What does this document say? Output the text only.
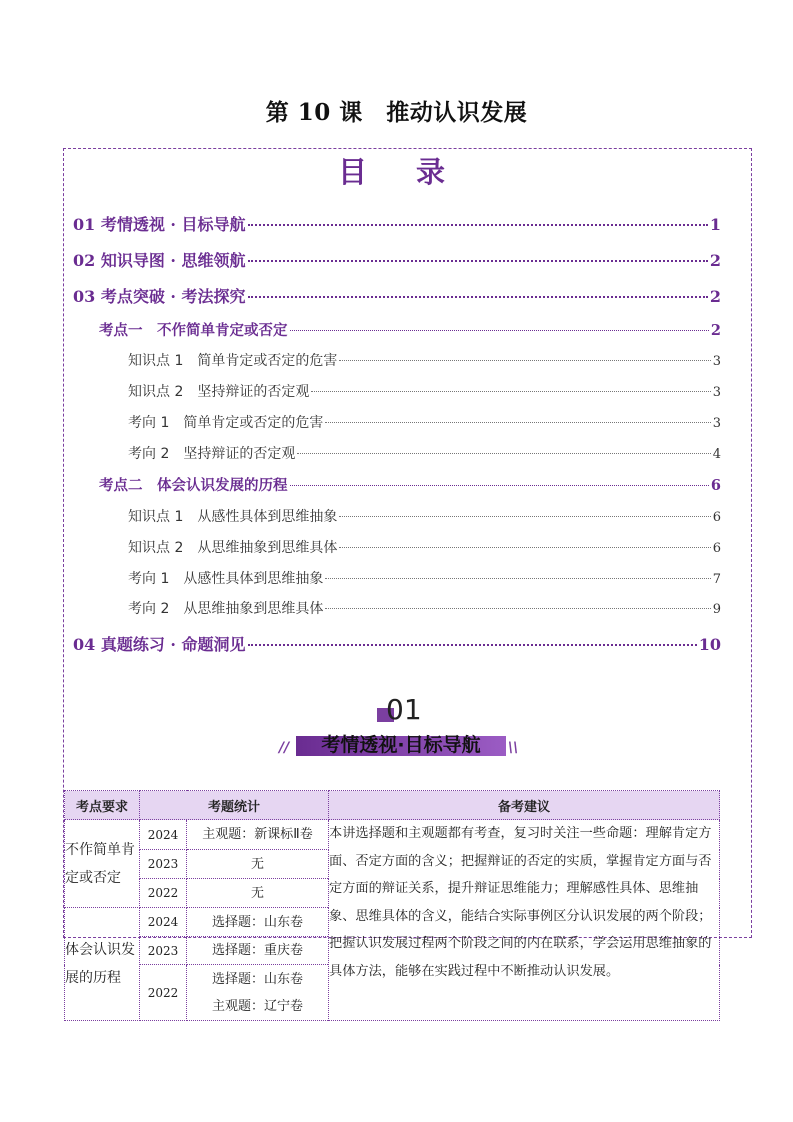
第 10 课　推动认识发展
目　录
01 考情透视 · 目标导航	1
02 知识导图 · 思维领航	2
03 考点突破 · 考法探究	2
考点一　不作简单肯定或否定	2
知识点 1　简单肯定或否定的危害	3
知识点 2　坚持辩证的否定观	3
考向 1　简单肯定或否定的危害	3
考向 2　坚持辩证的否定观	4
考点二　体会认识发展的历程	6
知识点 1　从感性具体到思维抽象	6
知识点 2　从思维抽象到思维具体	6
考向 1　从感性具体到思维抽象	7
考向 2　从思维抽象到思维具体	9
04 真题练习 · 命题洞见	10
01
考情透视·目标导航
//	\\
考点要求	考题统计		备考建议
不作简单肯定或否定	2024	主观题：新课标Ⅱ卷	本讲选择题和主观题都有考查，复习时关注一些命题：理解肯定方面、否定方面的含义；把握辩证的否定的实质，掌握肯定方面与否定方面的辩证关系，提升辩证思维能力；理解感性具体、思维抽象、思维具体的含义，能结合实际事例区分认识发展的两个阶段；把握认识发展过程两个阶段之间的内在联系，学会运用思维抽象的具体方法，能够在实践过程中不断推动认识发展。
	2023	无	
	2022	无	
体会认识发展的历程	2024	选择题：山东卷	
	2023	选择题：重庆卷	
	2022	选择题：山东卷
主观题：辽宁卷	
